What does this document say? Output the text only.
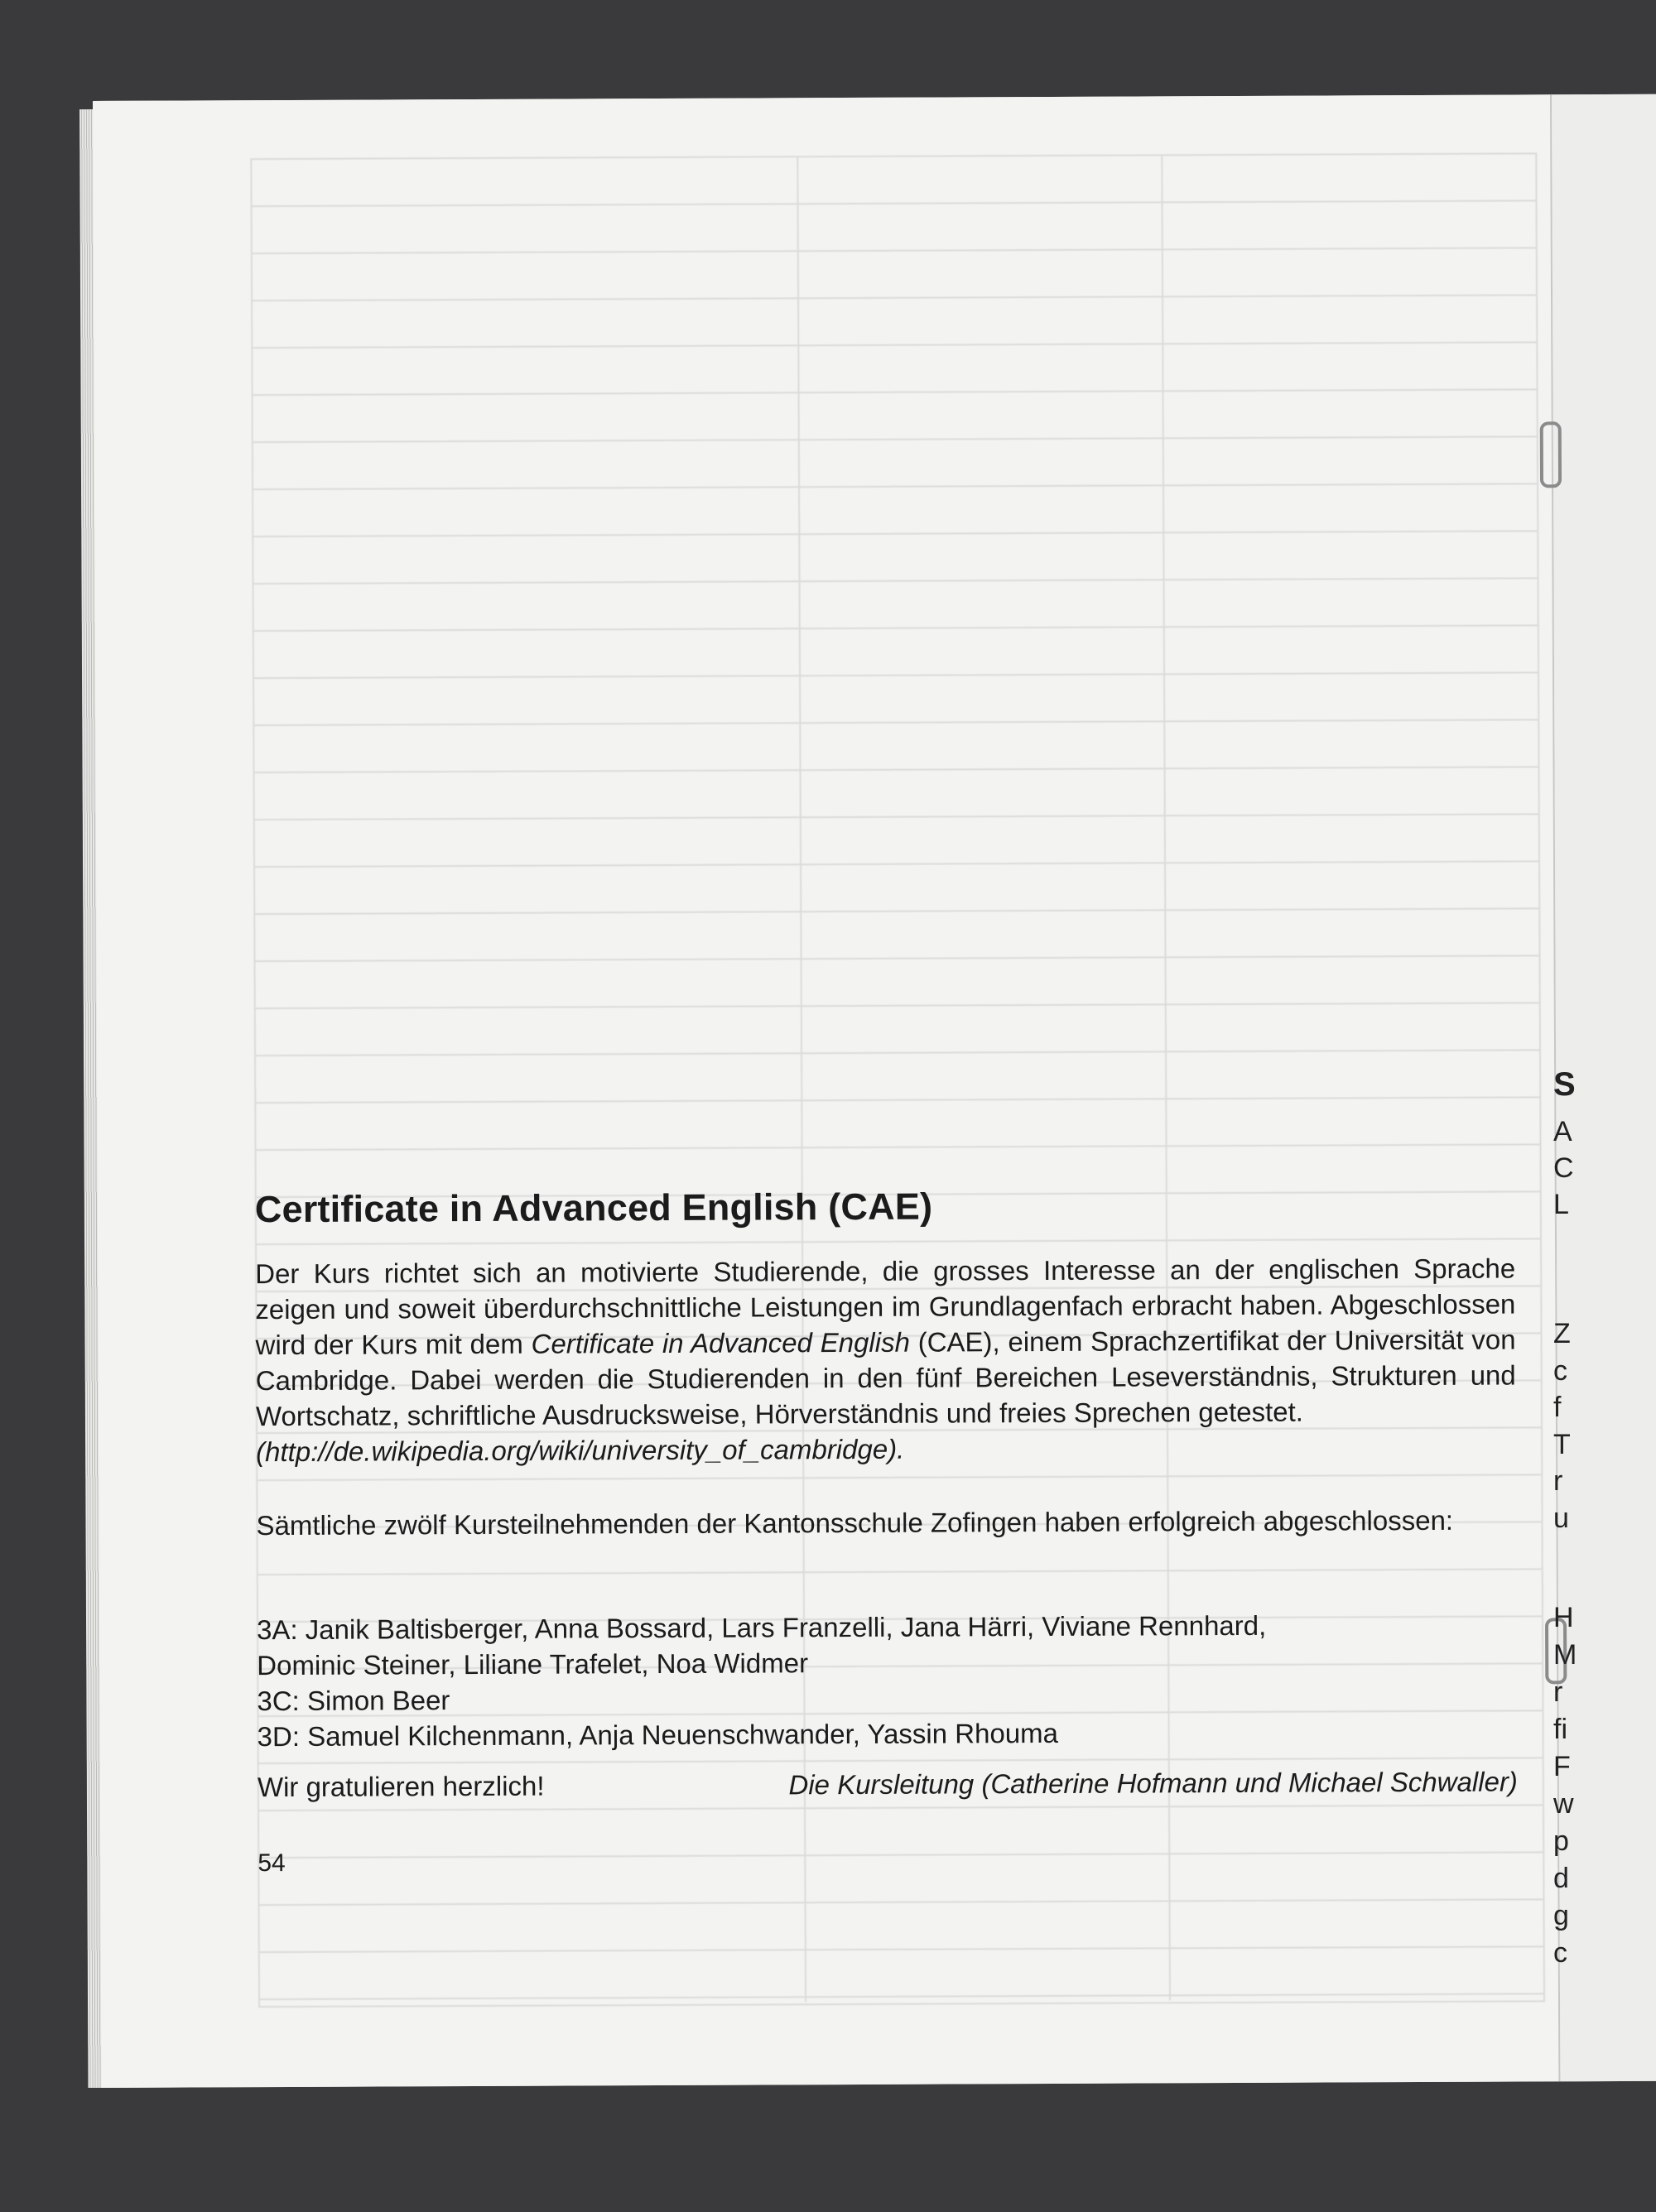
Certificate in Advanced English (CAE)
Der Kurs richtet sich an motivierte Studierende, die grosses Interesse an der englischen Sprache zeigen und soweit überdurchschnittliche Leistungen im Grundlagenfach erbracht haben. Abgeschlossen wird der Kurs mit dem Certificate in Advanced English (CAE), einem Sprachzertifikat der Universität von Cambridge. Dabei werden die Studierenden in den fünf Bereichen Leseverständnis, Strukturen und Wortschatz, schriftliche Ausdrucksweise, Hörverständnis und freies Sprechen getestet.
(http://de.wikipedia.org/wiki/university_of_cambridge).
Sämtliche zwölf Kursteilnehmenden der Kantonsschule Zofingen haben erfolgreich abgeschlossen:
3A: Janik Baltisberger, Anna Bossard, Lars Franzelli, Jana Härri, Viviane Rennhard,
Dominic Steiner, Liliane Trafelet, Noa Widmer
3C: Simon Beer
3D: Samuel Kilchenmann, Anja Neuenschwander, Yassin Rhouma
Wir gratulieren herzlich!	Die Kursleitung (Catherine Hofmann und Michael Schwaller)
54
S
A
C
L
Z
c
f
T
r
u
H
M
r
fi
F
w
p
d
g
c
